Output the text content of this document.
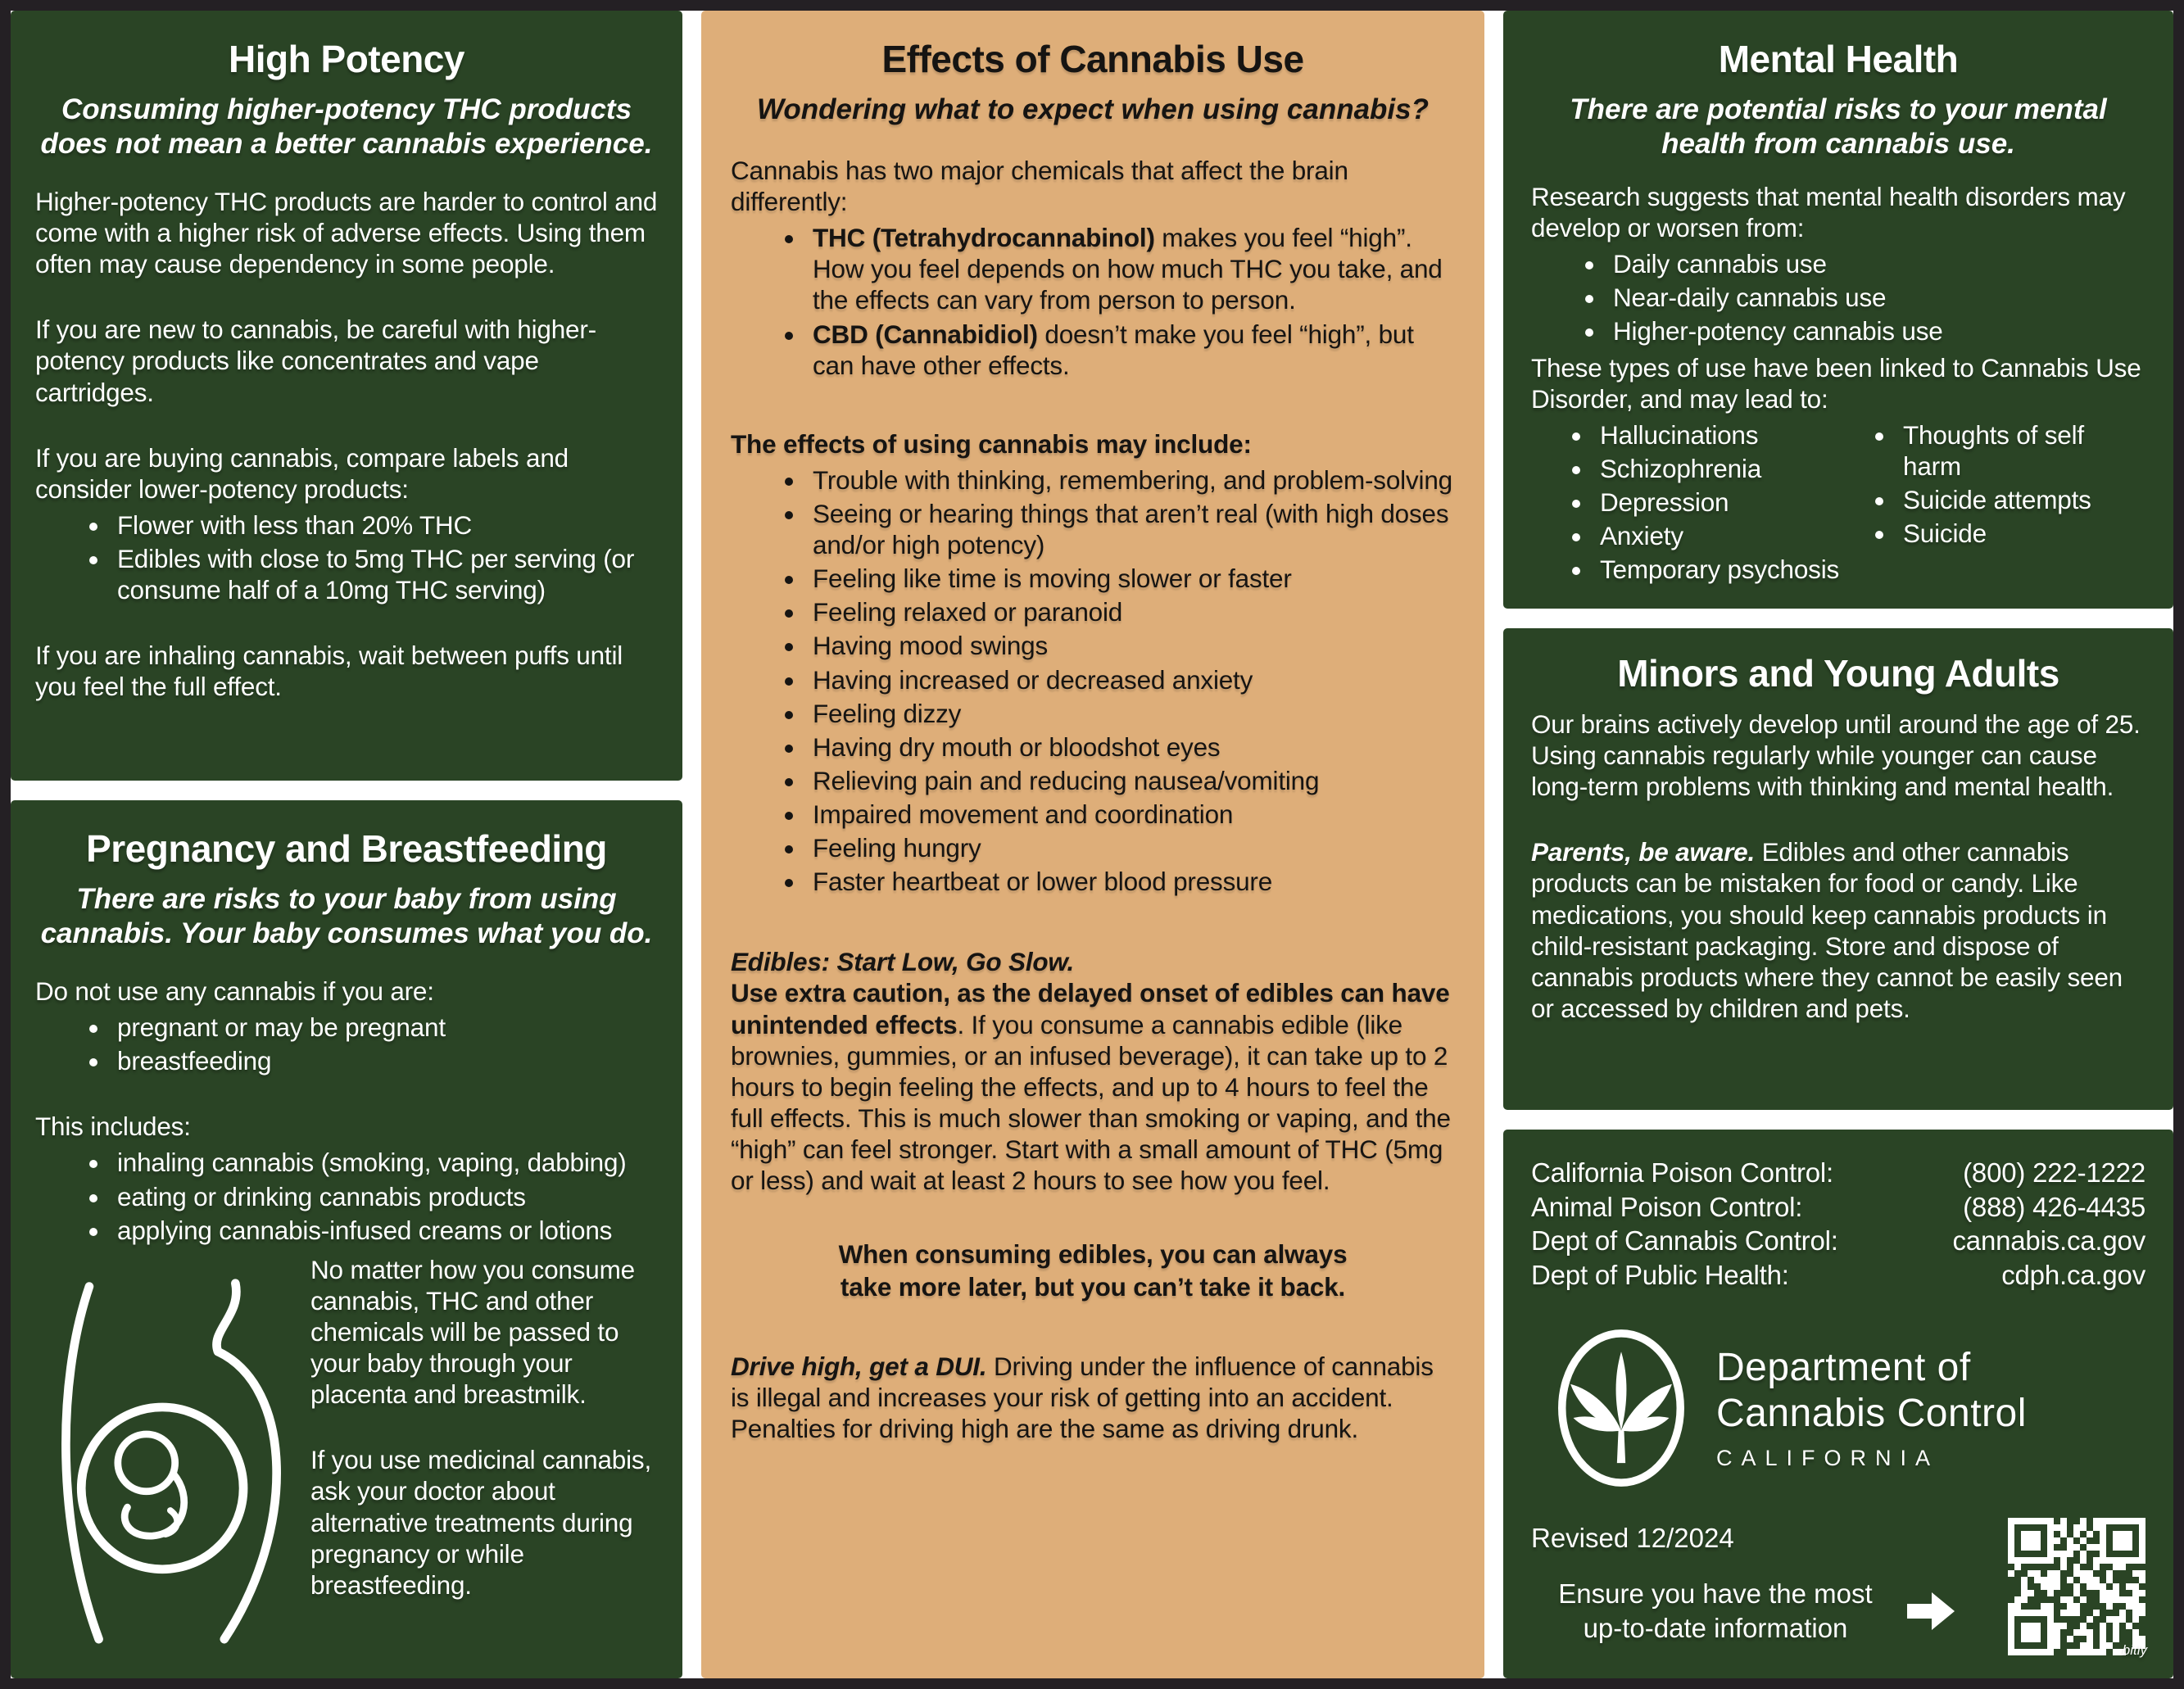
High Potency
Consuming higher-potency THC products does not mean a better cannabis experience.

Higher-potency THC products are harder to control and come with a higher risk of adverse effects. Using them often may cause dependency in some people.

If you are new to cannabis, be careful with higher-potency products like concentrates and vape cartridges.

If you are buying cannabis, compare labels and consider lower-potency products:

• Flower with less than 20% THC
• Edibles with close to 5mg THC per serving (or consume half of a 10mg THC serving)

If you are inhaling cannabis, wait between puffs until you feel the full effect.

Pregnancy and Breastfeeding
There are risks to your baby from using cannabis. Your baby consumes what you do.

Do not use any cannabis if you are:

• pregnant or may be pregnant
• breastfeeding

This includes:

• inhaling cannabis (smoking, vaping, dabbing)
• eating or drinking cannabis products
• applying cannabis-infused creams or lotions

No matter how you consume cannabis, THC and other chemicals will be passed to your baby through your placenta and breastmilk.

If you use medicinal cannabis, ask your doctor about alternative treatments during pregnancy or while breastfeeding.

Effects of Cannabis Use
Wondering what to expect when using cannabis?

Cannabis has two major chemicals that affect the brain differently:

• THC (Tetrahydrocannabinol) makes you feel “high”. How you feel depends on how much THC you take, and the effects can vary from person to person.
• CBD (Cannabidiol) doesn’t make you feel “high”, but can have other effects.

The effects of using cannabis may include:

• Trouble with thinking, remembering, and problem-solving
• Seeing or hearing things that aren’t real (with high doses and/or high potency)
• Feeling like time is moving slower or faster
• Feeling relaxed or paranoid
• Having mood swings
• Having increased or decreased anxiety
• Feeling dizzy
• Having dry mouth or bloodshot eyes
• Relieving pain and reducing nausea/vomiting
• Impaired movement and coordination
• Feeling hungry
• Faster heartbeat or lower blood pressure

Edibles: Start Low, Go Slow.
Use extra caution, as the delayed onset of edibles can have unintended effects. If you consume a cannabis edible (like brownies, gummies, or an infused beverage), it can take up to 2 hours to begin feeling the effects, and up to 4 hours to feel the full effects. This is much slower than smoking or vaping, and the “high” can feel stronger. Start with a small amount of THC (5mg or less) and wait at least 2 hours to see how you feel.

When consuming edibles, you can always
take more later, but you can’t take it back.

Drive high, get a DUI. Driving under the influence of cannabis is illegal and increases your risk of getting into an accident. Penalties for driving high are the same as driving drunk.

Mental Health
There are potential risks to your mental health from cannabis use.

Research suggests that mental health disorders may develop or worsen from:

• Daily cannabis use
• Near-daily cannabis use
• Higher-potency cannabis use

These types of use have been linked to Cannabis Use Disorder, and may lead to:

• Hallucinations
• Schizophrenia
• Depression
• Anxiety
• Temporary psychosis
• Thoughts of self harm
• Suicide attempts
• Suicide
Minors and Young Adults

Our brains actively develop until around the age of 25. Using cannabis regularly while younger can cause long-term problems with thinking and mental health.

Parents, be aware. Edibles and other cannabis products can be mistaken for food or candy. Like medications, you should keep cannabis products in child-resistant packaging. Store and dispose of cannabis products where they cannot be easily seen or accessed by children and pets.

California Poison Control:	(800) 222-1222
Animal Poison Control:	(888) 426-4435
Dept of Cannabis Control:	cannabis.ca.gov
Dept of Public Health:	cdph.ca.gov
Department of
Cannabis Control
CALIFORNIA
Revised 12/2024
Ensure you have the most
up-to-date information
bitly
